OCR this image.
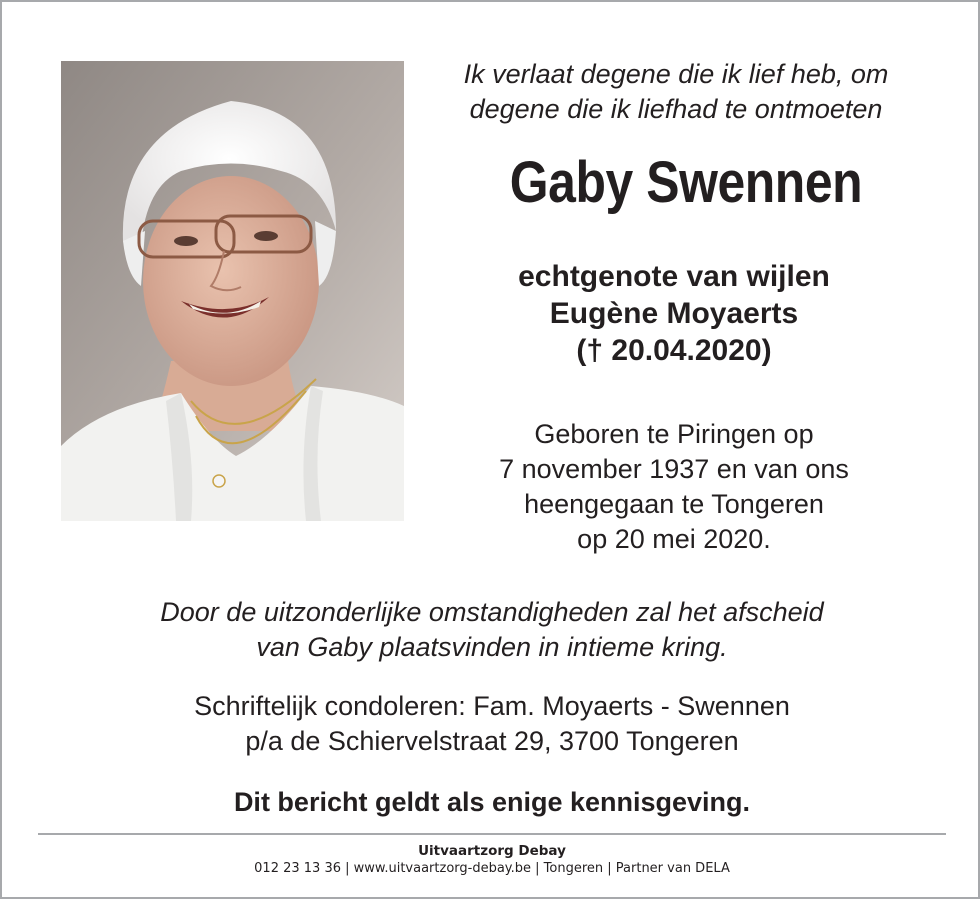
Ik verlaat degene die ik lief heb, om
degene die ik liefhad te ontmoeten
Gaby Swennen
echtgenote van wijlen
Eugène Moyaerts
(† 20.04.2020)
Geboren te Piringen op
7 november 1937 en van ons
heengegaan te Tongeren
op 20 mei 2020.
Door de uitzonderlijke omstandigheden zal het afscheid
van Gaby plaatsvinden in intieme kring.
Schriftelijk condoleren: Fam. Moyaerts - Swennen
p/a de Schiervelstraat 29, 3700 Tongeren
Dit bericht geldt als enige kennisgeving.
Uitvaartzorg Debay
012 23 13 36 | www.uitvaartzorg-debay.be | Tongeren | Partner van DELA
